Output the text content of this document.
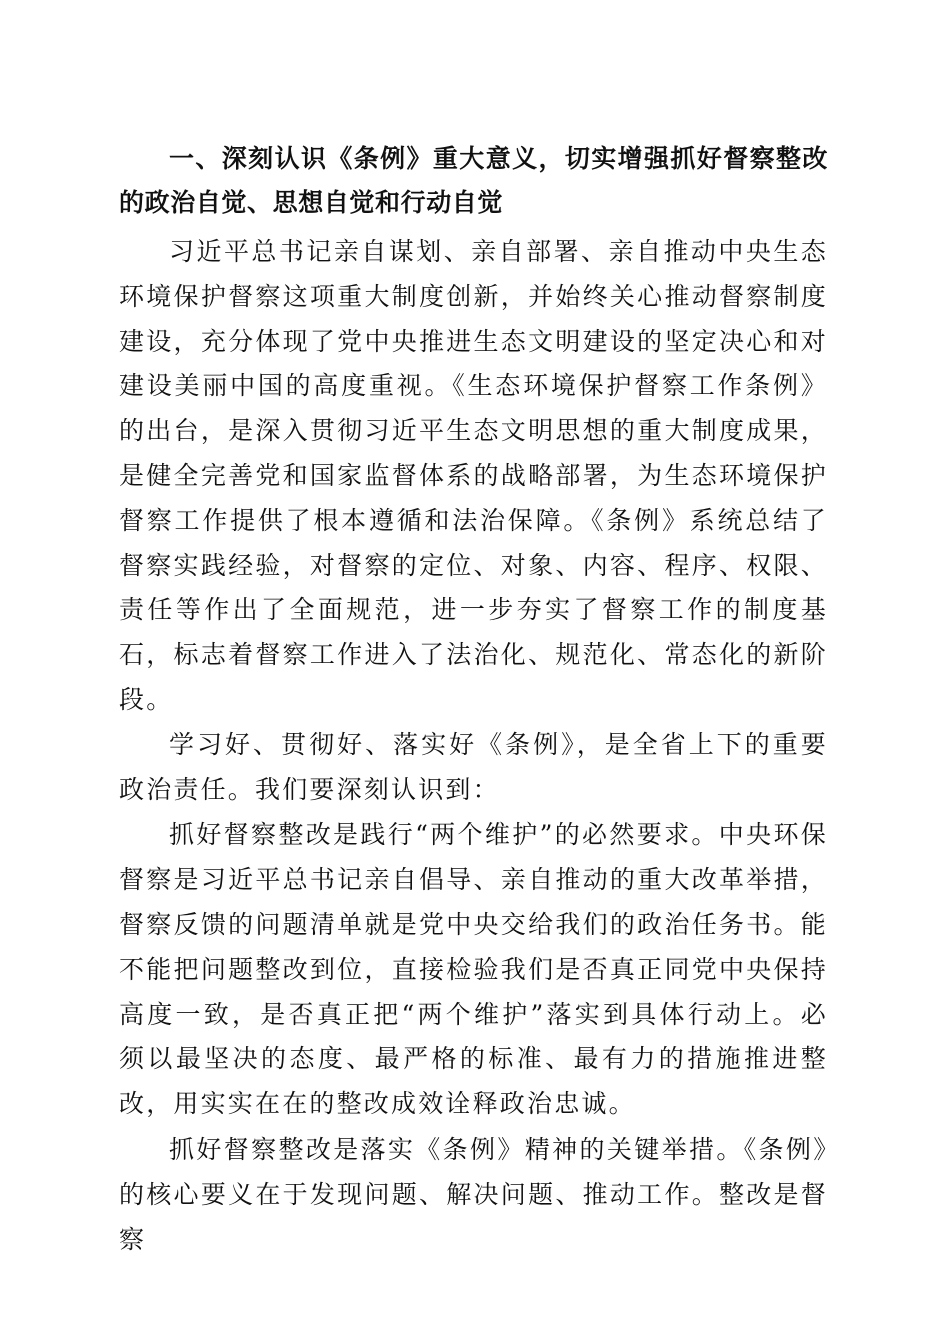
一、深刻认识《条例》重大意义，切实增强抓好督察整改的政治自觉、思想自觉和行动自觉

习近平总书记亲自谋划、亲自部署、亲自推动中央生态环境保护督察这项重大制度创新，并始终关心推动督察制度建设，充分体现了党中央推进生态文明建设的坚定决心和对建设美丽中国的高度重视。《生态环境保护督察工作条例》的出台，是深入贯彻习近平生态文明思想的重大制度成果，是健全完善党和国家监督体系的战略部署，为生态环境保护督察工作提供了根本遵循和法治保障。《条例》系统总结了督察实践经验，对督察的定位、对象、内容、程序、权限、责任等作出了全面规范，进一步夯实了督察工作的制度基石，标志着督察工作进入了法治化、规范化、常态化的新阶段。

学习好、贯彻好、落实好《条例》，是全省上下的重要政治责任。我们要深刻认识到：

抓好督察整改是践行“两个维护”的必然要求。中央环保督察是习近平总书记亲自倡导、亲自推动的重大改革举措，督察反馈的问题清单就是党中央交给我们的政治任务书。能不能把问题整改到位，直接检验我们是否真正同党中央保持高度一致，是否真正把“两个维护”落实到具体行动上。必须以最坚决的态度、最严格的标准、最有力的措施推进整改，用实实在在的整改成效诠释政治忠诚。

抓好督察整改是落实《条例》精神的关键举措。《条例》的核心要义在于发现问题、解决问题、推动工作。整改是督察
